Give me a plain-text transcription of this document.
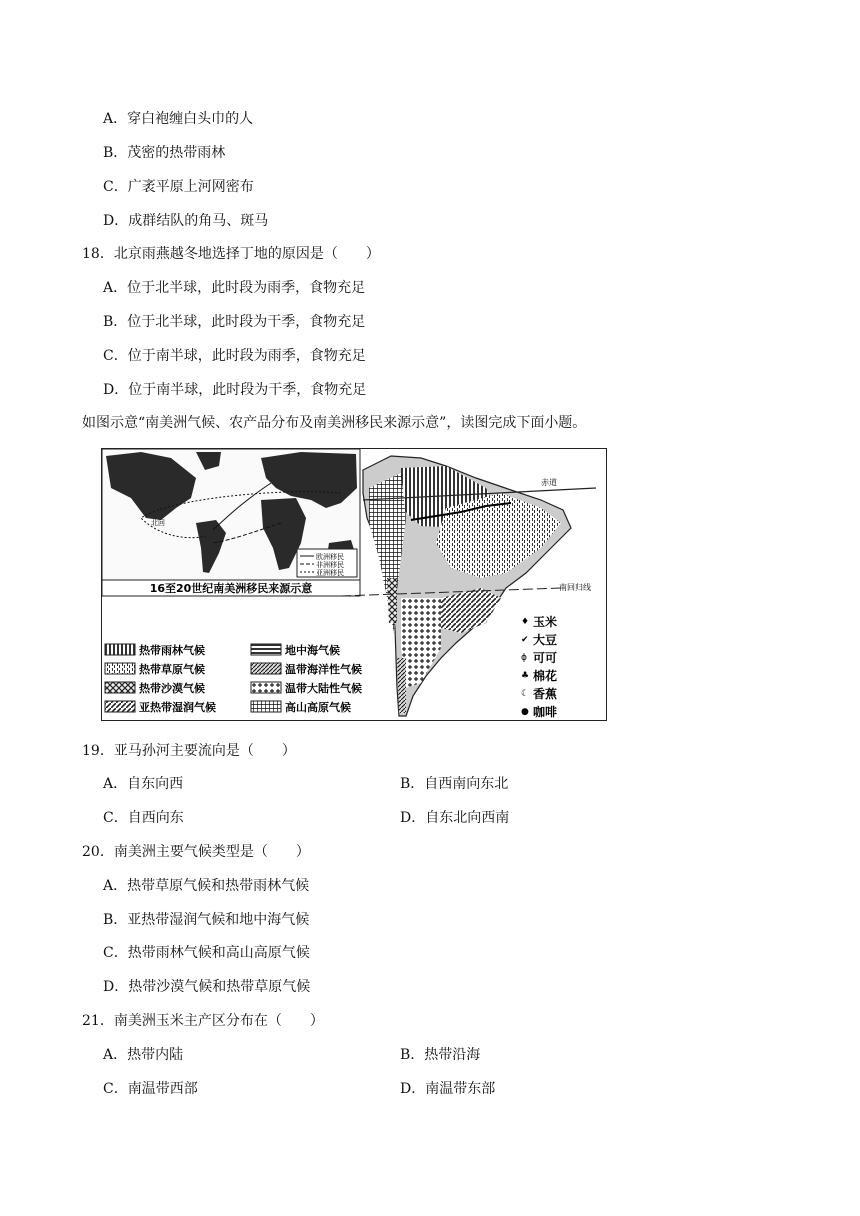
A．穿白袍缠白头巾的人
B．茂密的热带雨林
C．广袤平原上河网密布
D．成群结队的角马、斑马
18．北京雨燕越冬地选择丁地的原因是（　　）
A．位于北半球，此时段为雨季，食物充足
B．位于北半球，此时段为干季，食物充足
C．位于南半球，此时段为雨季，食物充足
D．位于南半球，此时段为干季，食物充足
如图示意“南美洲气候、农产品分布及南美洲移民来源示意”，读图完成下面小题。
欧洲移民
非洲移民
亚洲移民
北回
16至20世纪南美洲移民来源示意
赤道
南回归线
热带雨林气候
热带草原气候
热带沙漠气候
亚热带湿润气候
地中海气候
温带海洋性气候
温带大陆性气候
高山高原气候
♦
✔
ϕ
♣
☾
●
玉米
大豆
可可
棉花
香蕉
咖啡
19．亚马孙河主要流向是（　　）
A．自东向西	B．自西南向东北
C．自西向东	D．自东北向西南
20．南美洲主要气候类型是（　　）
A．热带草原气候和热带雨林气候
B．亚热带湿润气候和地中海气候
C．热带雨林气候和高山高原气候
D．热带沙漠气候和热带草原气候
21．南美洲玉米主产区分布在（　　）
A．热带内陆	B．热带沿海
C．南温带西部	D．南温带东部
